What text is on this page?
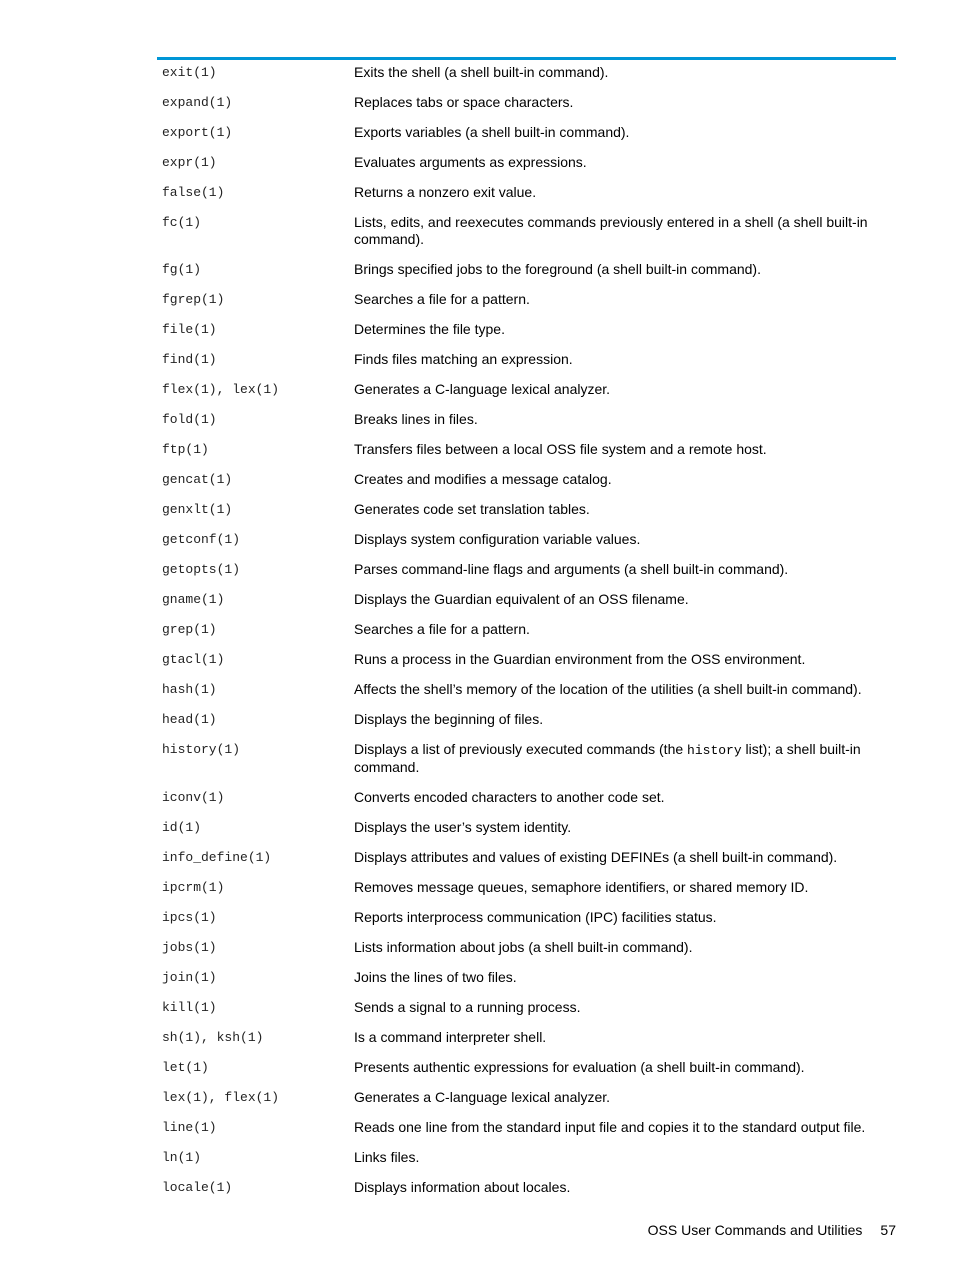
exit(1)	Exits the shell (a shell built-in command).
expand(1)	Replaces tabs or space characters.
export(1)	Exports variables (a shell built-in command).
expr(1)	Evaluates arguments as expressions.
false(1)	Returns a nonzero exit value.
fc(1)	Lists, edits, and reexecutes commands previously entered in a shell (a shell built-in command).
fg(1)	Brings specified jobs to the foreground (a shell built-in command).
fgrep(1)	Searches a file for a pattern.
file(1)	Determines the file type.
find(1)	Finds files matching an expression.
flex(1), lex(1)	Generates a C-language lexical analyzer.
fold(1)	Breaks lines in files.
ftp(1)	Transfers files between a local OSS file system and a remote host.
gencat(1)	Creates and modifies a message catalog.
genxlt(1)	Generates code set translation tables.
getconf(1)	Displays system configuration variable values.
getopts(1)	Parses command-line flags and arguments (a shell built-in command).
gname(1)	Displays the Guardian equivalent of an OSS filename.
grep(1)	Searches a file for a pattern.
gtacl(1)	Runs a process in the Guardian environment from the OSS environment.
hash(1)	Affects the shell’s memory of the location of the utilities (a shell built-in command).
head(1)	Displays the beginning of files.
history(1)	Displays a list of previously executed commands (the history list); a shell built-in command.
iconv(1)	Converts encoded characters to another code set.
id(1)	Displays the user’s system identity.
info_define(1)	Displays attributes and values of existing DEFINEs (a shell built-in command).
ipcrm(1)	Removes message queues, semaphore identifiers, or shared memory ID.
ipcs(1)	Reports interprocess communication (IPC) facilities status.
jobs(1)	Lists information about jobs (a shell built-in command).
join(1)	Joins the lines of two files.
kill(1)	Sends a signal to a running process.
sh(1), ksh(1)	Is a command interpreter shell.
let(1)	Presents authentic expressions for evaluation (a shell built-in command).
lex(1), flex(1)	Generates a C-language lexical analyzer.
line(1)	Reads one line from the standard input file and copies it to the standard output file.
ln(1)	Links files.
locale(1)	Displays information about locales.
OSS User Commands and Utilities 57
